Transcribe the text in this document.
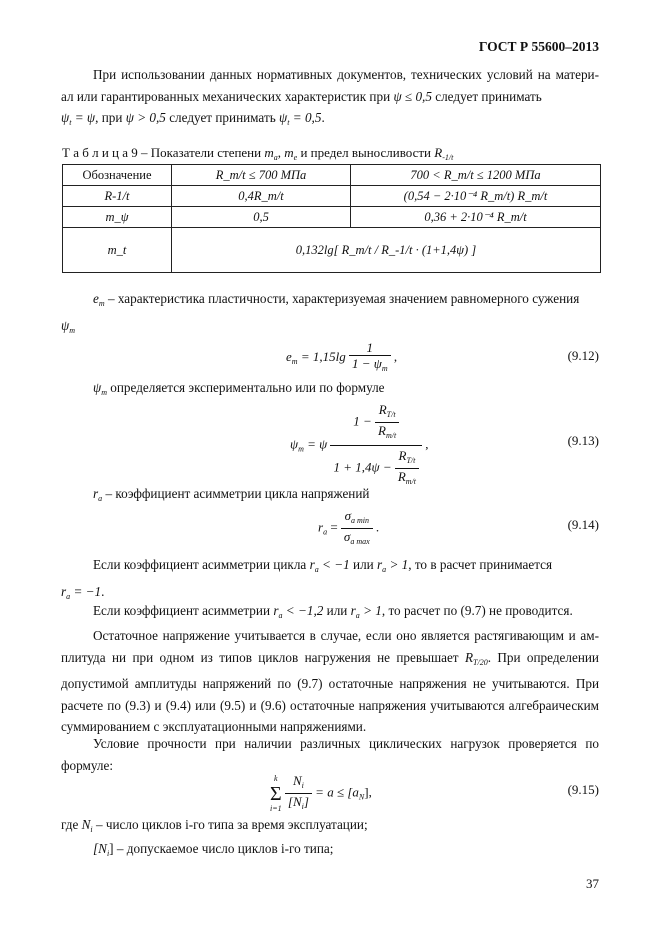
ГОСТ Р 55600–2013

При использовании данных нормативных документов, технических условий на матери- ал или гарантированных механических характеристик при ψ ≤ 0,5 следует принимать
$\psi_t = \psi$, при ψ > 0,5 следует принимать $\psi_t = 0,5$.

Т а б л и ц а 9 – Показатели степени $m_a$, $m_e$ и предел выносливости $R_{-1/t}$
Обозначение	R_m/t ≤ 700 МПа	700 < R_m/t ≤ 1200 МПа
R-1/t	0,4R_m/t	(0,54 − 2·10⁻⁴ R_m/t) R_m/t
m_ψ	0,5	0,36 + 2·10⁻⁴ R_m/t
m_t	0,132lg[ R_m/t / R_-1/t · (1+1,4ψ) ]	

$e_m$ – характеристика пластичности, характеризуемая значением равномерного сужения
$\psi_m$

$e_m = 1,15\lg \frac{1}{1 - \psi_m}$ ,	(9.12)

$\psi_m$ определяется экспериментально или по формуле

$\psi_m = \psi \frac{1 - \frac{R_{T/t}}{R_{m/t}}}{1 + 1,4\psi - \frac{R_{T/t}}{R_{m/t}}}$ ,	(9.13)

$r_a$ – коэффициент асимметрии цикла напряжений

$r_a = \frac{\sigma_{a min}}{\sigma_{a max}}$ .	(9.14)

Если коэффициент асимметрии цикла $r_a < -1$ или $r_a > 1$, то в расчет принимается
$r_a = -1$.

Если коэффициент асимметрии $r_a < -1,2$ или $r_a > 1$, то расчет по (9.7) не проводится.

Остаточное напряжение учитывается в случае, если оно является растягивающим и ам- плитуда ни при одном из типов циклов нагружения не превышает $R_{T/20}$. При определении допустимой амплитуды напряжений по (9.7) остаточные напряжения не учитываются. При расчете по (9.3) и (9.4) или (9.5) и (9.6) остаточные напряжения учитываются алгебраическим суммированием с эксплуатационными напряжениями.

Условие прочности при наличии различных циклических нагрузок проверяется по формуле:

k
Σ
i=1
$\frac{N_i}{[N_i]} = a \le [a_N]$,	(9.15)

где $N_i$ – число циклов i-го типа за время эксплуатации;

$[N_i]$ – допускаемое число циклов i-го типа;

37
